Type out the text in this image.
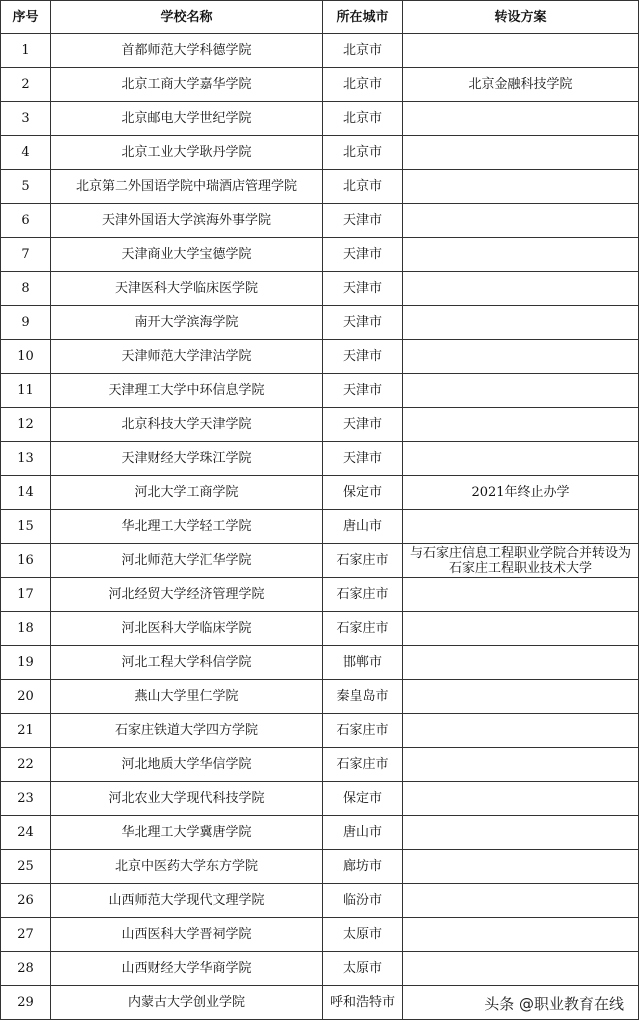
序号	学校名称	所在城市	转设方案
1	首都师范大学科德学院	北京市	
2	北京工商大学嘉华学院	北京市	北京金融科技学院
3	北京邮电大学世纪学院	北京市	
4	北京工业大学耿丹学院	北京市	
5	北京第二外国语学院中瑞酒店管理学院	北京市	
6	天津外国语大学滨海外事学院	天津市	
7	天津商业大学宝德学院	天津市	
8	天津医科大学临床医学院	天津市	
9	南开大学滨海学院	天津市	
10	天津师范大学津沽学院	天津市	
11	天津理工大学中环信息学院	天津市	
12	北京科技大学天津学院	天津市	
13	天津财经大学珠江学院	天津市	
14	河北大学工商学院	保定市	2021年终止办学
15	华北理工大学轻工学院	唐山市	
16	河北师范大学汇华学院	石家庄市	与石家庄信息工程职业学院合并转设为石家庄工程职业技术大学
17	河北经贸大学经济管理学院	石家庄市	
18	河北医科大学临床学院	石家庄市	
19	河北工程大学科信学院	邯郸市	
20	燕山大学里仁学院	秦皇岛市	
21	石家庄铁道大学四方学院	石家庄市	
22	河北地质大学华信学院	石家庄市	
23	河北农业大学现代科技学院	保定市	
24	华北理工大学冀唐学院	唐山市	
25	北京中医药大学东方学院	廊坊市	
26	山西师范大学现代文理学院	临汾市	
27	山西医科大学晋祠学院	太原市	
28	山西财经大学华商学院	太原市	
29	内蒙古大学创业学院	呼和浩特市		头条 @职业教育在线
